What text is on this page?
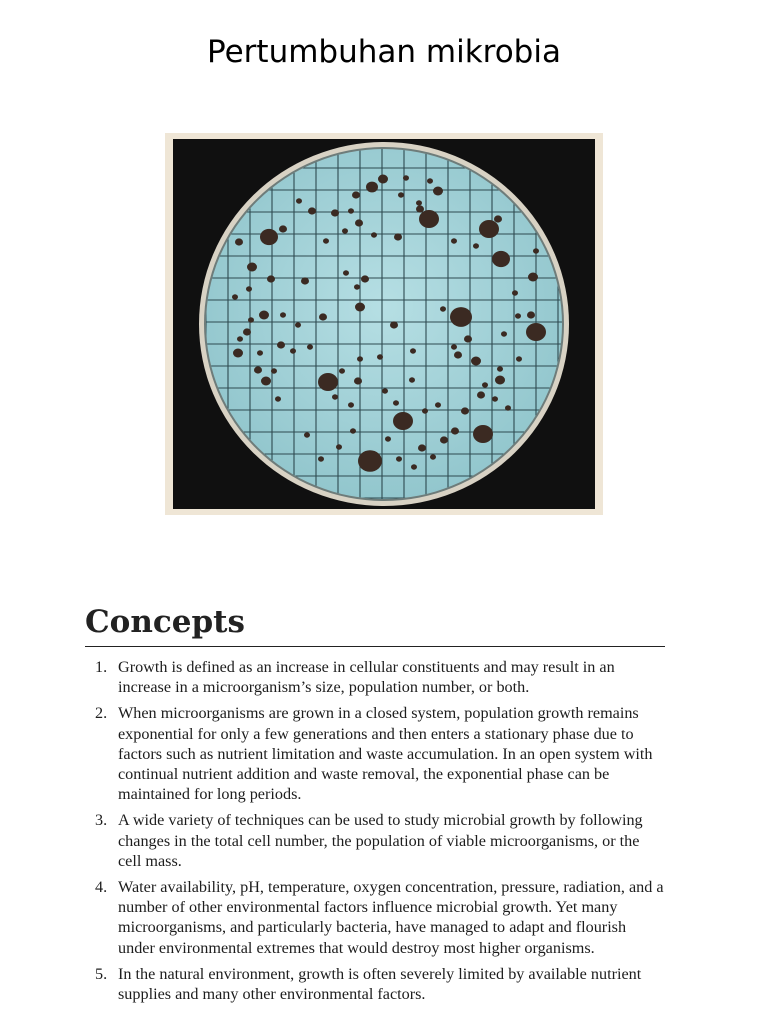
Pertumbuhan mikrobia
Concepts
1. Growth is defined as an increase in cellular constituents and may result in an increase in a microorganism’s size, population number, or both.
2. When microorganisms are grown in a closed system, population growth remains exponential for only a few generations and then enters a stationary phase due to factors such as nutrient limitation and waste accumulation. In an open system with continual nutrient addition and waste removal, the exponential phase can be maintained for long periods.
3. A wide variety of techniques can be used to study microbial growth by following changes in the total cell number, the population of viable microorganisms, or the cell mass.
4. Water availability, pH, temperature, oxygen concentration, pressure, radiation, and a number of other environmental factors influence microbial growth. Yet many microorganisms, and particularly bacteria, have managed to adapt and flourish under environmental extremes that would destroy most higher organisms.
5. In the natural environment, growth is often severely limited by available nutrient supplies and many other environmental factors.
